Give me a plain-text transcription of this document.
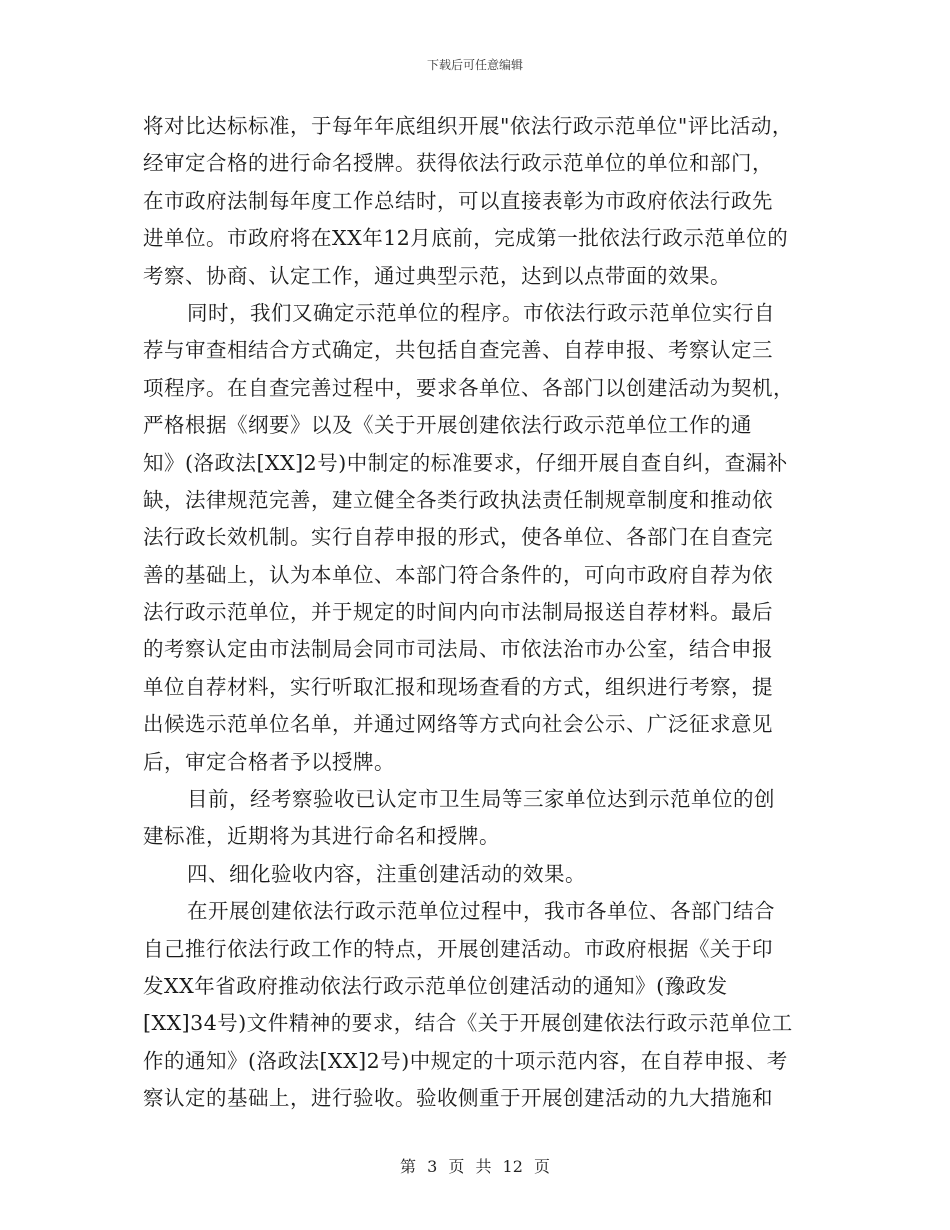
下载后可任意编辑
将对比达标标准，于每年年底组织开展"依法行政示范单位"评比活动，
经审定合格的进行命名授牌。获得依法行政示范单位的单位和部门，
在市政府法制每年度工作总结时，可以直接表彰为市政府依法行政先
进单位。市政府将在XX年12月底前，完成第一批依法行政示范单位的
考察、协商、认定工作，通过典型示范，达到以点带面的效果。
同时，我们又确定示范单位的程序。市依法行政示范单位实行自
荐与审查相结合方式确定，共包括自查完善、自荐申报、考察认定三
项程序。在自查完善过程中，要求各单位、各部门以创建活动为契机，
严格根据《纲要》以及《关于开展创建依法行政示范单位工作的通
知》(洛政法[XX]2号)中制定的标准要求，仔细开展自查自纠，查漏补
缺，法律规范完善，建立健全各类行政执法责任制规章制度和推动依
法行政长效机制。实行自荐申报的形式，使各单位、各部门在自查完
善的基础上，认为本单位、本部门符合条件的，可向市政府自荐为依
法行政示范单位，并于规定的时间内向市法制局报送自荐材料。最后
的考察认定由市法制局会同市司法局、市依法治市办公室，结合申报
单位自荐材料，实行听取汇报和现场查看的方式，组织进行考察，提
出候选示范单位名单，并通过网络等方式向社会公示、广泛征求意见
后，审定合格者予以授牌。
目前，经考察验收已认定市卫生局等三家单位达到示范单位的创
建标准，近期将为其进行命名和授牌。
四、细化验收内容，注重创建活动的效果。
在开展创建依法行政示范单位过程中，我市各单位、各部门结合
自己推行依法行政工作的特点，开展创建活动。市政府根据《关于印
发XX年省政府推动依法行政示范单位创建活动的通知》(豫政发
[XX]34号)文件精神的要求，结合《关于开展创建依法行政示范单位工
作的通知》(洛政法[XX]2号)中规定的十项示范内容，在自荐申报、考
察认定的基础上，进行验收。验收侧重于开展创建活动的九大措施和
第 3 页 共 12 页
